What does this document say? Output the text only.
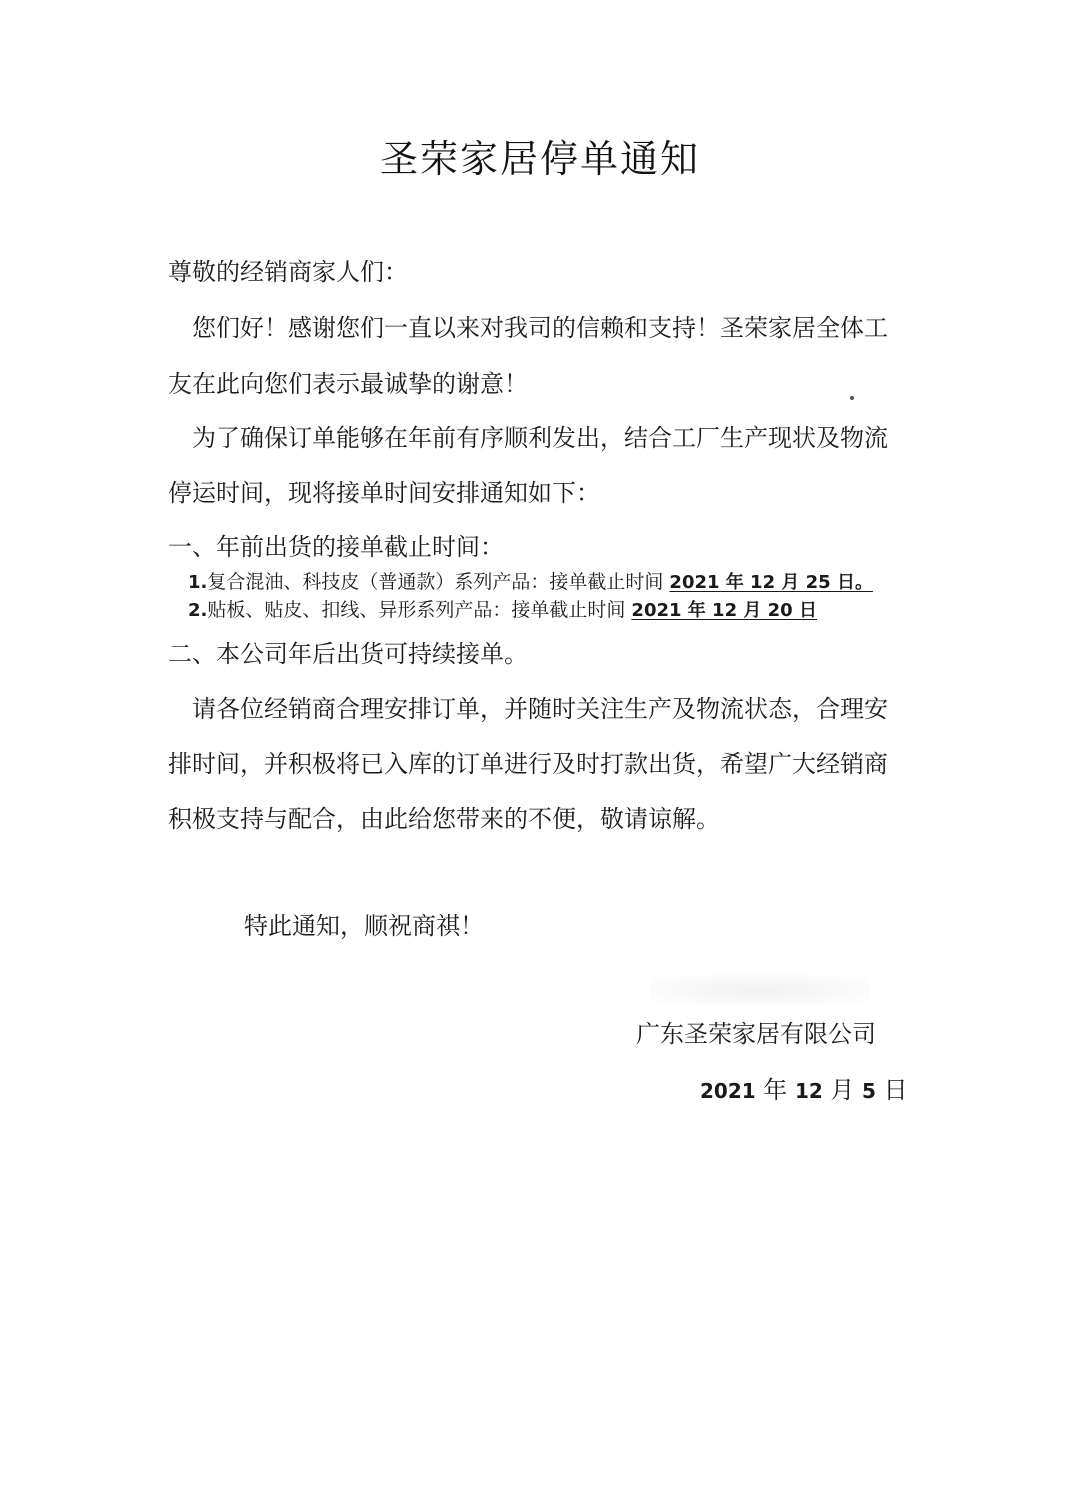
圣荣家居停单通知
尊敬的经销商家人们：
您们好！感谢您们一直以来对我司的信赖和支持！圣荣家居全体工
友在此向您们表示最诚挚的谢意！
为了确保订单能够在年前有序顺利发出，结合工厂生产现状及物流
停运时间，现将接单时间安排通知如下：
一、年前出货的接单截止时间：
1.复合混油、科技皮（普通款）系列产品：接单截止时间 2021 年 12 月 25 日。
2.贴板、贴皮、扣线、异形系列产品：接单截止时间 2021 年 12 月 20 日
二、本公司年后出货可持续接单。
请各位经销商合理安排订单，并随时关注生产及物流状态，合理安
排时间，并积极将已入库的订单进行及时打款出货，希望广大经销商
积极支持与配合，由此给您带来的不便，敬请谅解。
特此通知，顺祝商祺！
广东圣荣家居有限公司
2021 年 12 月 5 日
